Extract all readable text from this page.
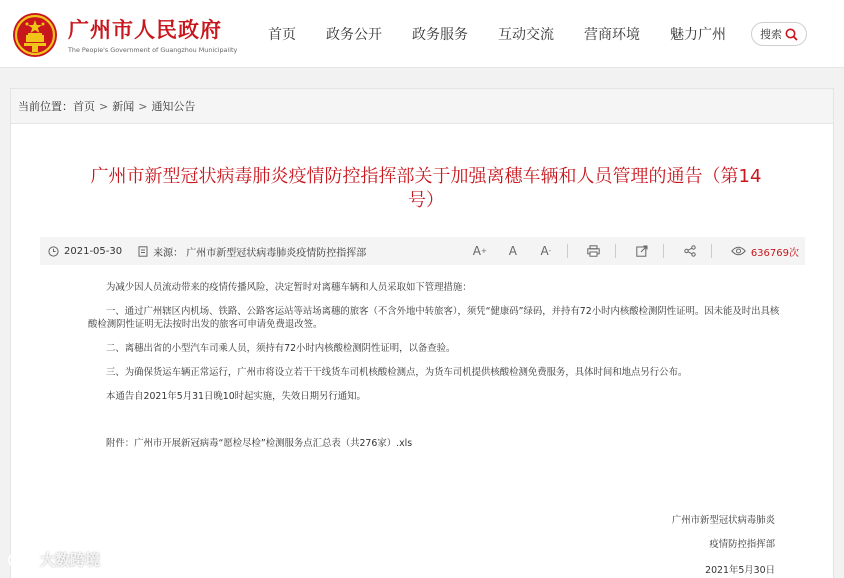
广州市人民政府
The People's Government of Guangzhou Municipality
首页 政务公开 政务服务 互动交流 营商环境 魅力广州	搜索
当前位置： 首页 > 新闻 > 通知公告
广州市新型冠状病毒肺炎疫情防控指挥部关于加强离穗车辆和人员管理的通告（第14
号）
2021-05-30	来源： 广州市新型冠状病毒肺炎疫情防控指挥部	A + A A -	636769次

为减少因人员流动带来的疫情传播风险，决定暂时对离穗车辆和人员采取如下管理措施：

一、通过广州辖区内机场、铁路、公路客运站等站场离穗的旅客（不含外地中转旅客），须凭“健康码”绿码，并持有72小时内核酸检测阴性证明。因未能及时出具核酸检测阴性证明无法按时出发的旅客可申请免费退改签。

二、离穗出省的小型汽车司乘人员，须持有72小时内核酸检测阴性证明，以备查验。

三、为确保货运车辆正常运行，广州市将设立若干干线货车司机核酸检测点，为货车司机提供核酸检测免费服务，具体时间和地点另行公布。

本通告自2021年5月31日晚10时起实施，失效日期另行通知。

附件：广州市开展新冠病毒“愿检尽检”检测服务点汇总表（共276家）.xls

广州市新型冠状病毒肺炎
疫情防控指挥部
2021年5月30日
大数跨境
